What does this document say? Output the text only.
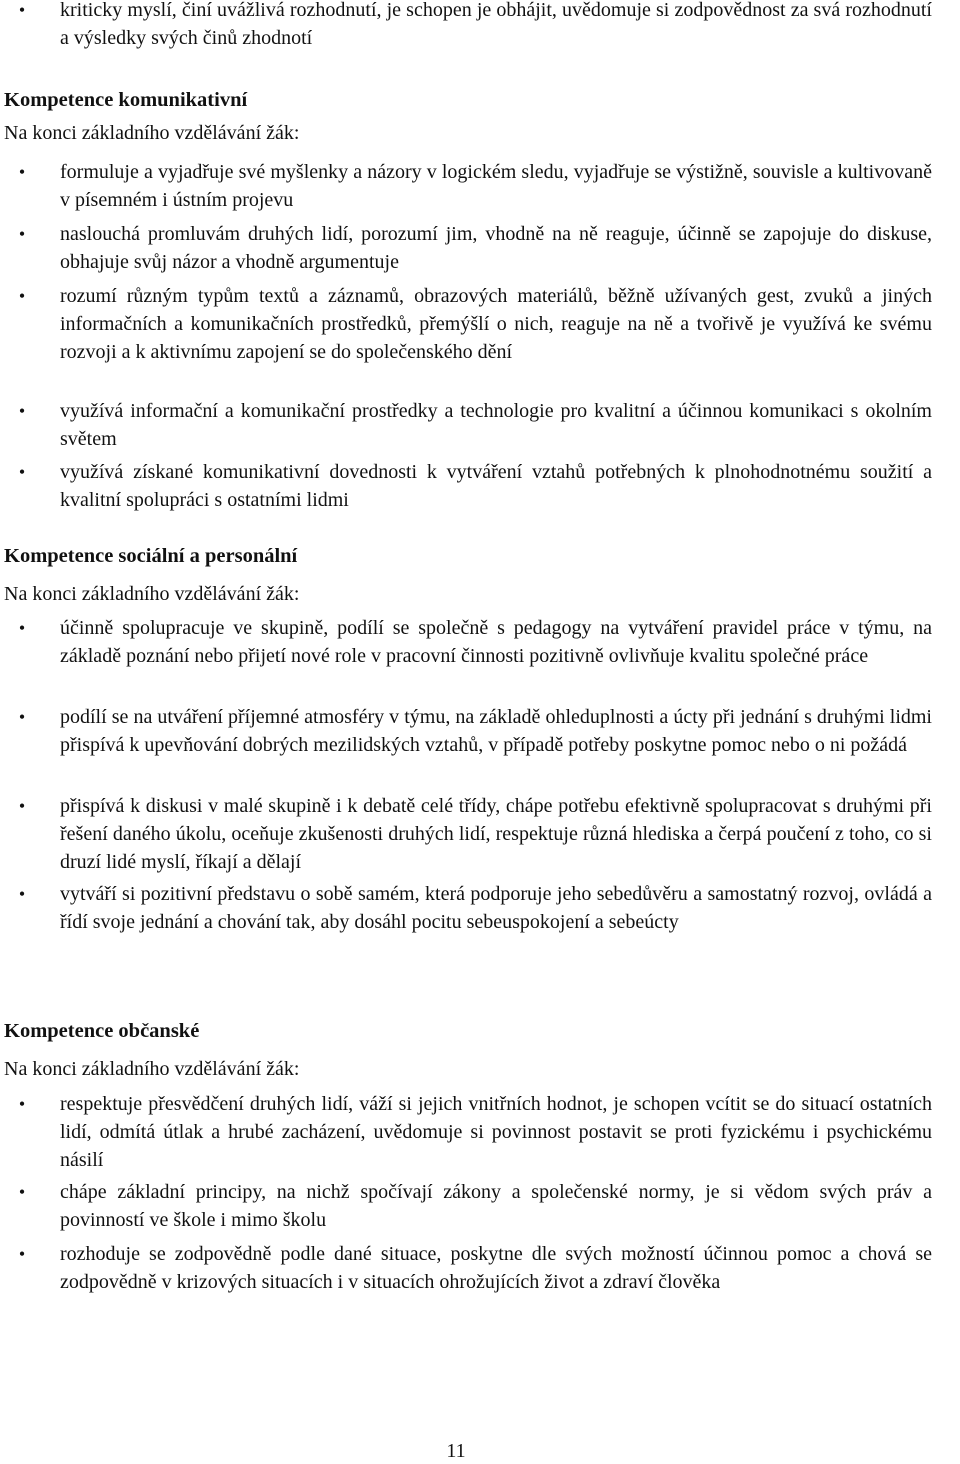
• kriticky myslí, činí uvážlivá rozhodnutí, je schopen je obhájit, uvědomuje si zodpovědnost za svá rozhodnutí a výsledky svých činů zhodnotí
Kompetence komunikativní
Na konci základního vzdělávání žák:
• formuluje a vyjadřuje své myšlenky a názory v logickém sledu, vyjadřuje se výstižně, souvisle a kultivovaně v písemném i ústním projevu
• naslouchá promluvám druhých lidí, porozumí jim, vhodně na ně reaguje, účinně se zapojuje do diskuse, obhajuje svůj názor a vhodně argumentuje
• rozumí různým typům textů a záznamů, obrazových materiálů, běžně užívaných gest, zvuků a jiných informačních a komunikačních prostředků, přemýšlí o nich, reaguje na ně a tvořivě je využívá ke svému rozvoji a k aktivnímu zapojení se do společenského dění
• využívá informační a komunikační prostředky a technologie pro kvalitní a účinnou komunikaci s okolním světem
• využívá získané komunikativní dovednosti k vytváření vztahů potřebných k plnohodnotnému soužití a kvalitní spolupráci s ostatními lidmi
Kompetence sociální a personální
Na konci základního vzdělávání žák:
• účinně spolupracuje ve skupině, podílí se společně s pedagogy na vytváření pravidel práce v týmu, na základě poznání nebo přijetí nové role v pracovní činnosti pozitivně ovlivňuje kvalitu společné práce
• podílí se na utváření příjemné atmosféry v týmu, na základě ohleduplnosti a úcty při jednání s druhými lidmi přispívá k upevňování dobrých mezilidských vztahů, v případě potřeby poskytne pomoc nebo o ni požádá
• přispívá k diskusi v malé skupině i k debatě celé třídy, chápe potřebu efektivně spolupracovat s druhými při řešení daného úkolu, oceňuje zkušenosti druhých lidí, respektuje různá hlediska a čerpá poučení z toho, co si druzí lidé myslí, říkají a dělají
• vytváří si pozitivní představu o sobě samém, která podporuje jeho sebedůvěru a samostatný rozvoj, ovládá a řídí svoje jednání a chování tak, aby dosáhl pocitu sebeuspokojení a sebeúcty
Kompetence občanské
Na konci základního vzdělávání žák:
• respektuje přesvědčení druhých lidí, váží si jejich vnitřních hodnot, je schopen vcítit se do situací ostatních lidí, odmítá útlak a hrubé zacházení, uvědomuje si povinnost postavit se proti fyzickému i psychickému násilí
• chápe základní principy, na nichž spočívají zákony a společenské normy, je si vědom svých práv a povinností ve škole i mimo školu
• rozhoduje se zodpovědně podle dané situace, poskytne dle svých možností účinnou pomoc a chová se zodpovědně v krizových situacích i v situacích ohrožujících život a zdraví člověka
11
